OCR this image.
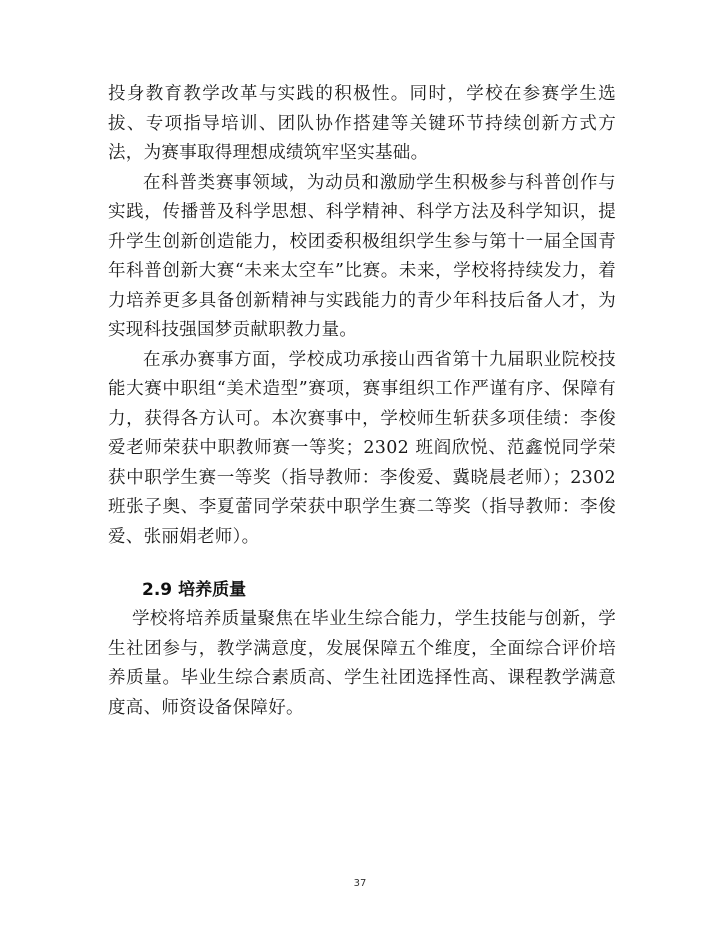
投身教育教学改革与实践的积极性。同时，学校在参赛学生选拔、专项指导培训、团队协作搭建等关键环节持续创新方式方法，为赛事取得理想成绩筑牢坚实基础。

在科普类赛事领域，为动员和激励学生积极参与科普创作与实践，传播普及科学思想、科学精神、科学方法及科学知识，提升学生创新创造能力，校团委积极组织学生参与第十一届全国青年科普创新大赛“未来太空车”比赛。未来，学校将持续发力，着力培养更多具备创新精神与实践能力的青少年科技后备人才，为实现科技强国梦贡献职教力量。

在承办赛事方面，学校成功承接山西省第十九届职业院校技能大赛中职组“美术造型”赛项，赛事组织工作严谨有序、保障有力，获得各方认可。本次赛事中，学校师生斩获多项佳绩：李俊爱老师荣获中职教师赛一等奖；2302 班阎欣悦、范鑫悦同学荣获中职学生赛一等奖（指导教师：李俊爱、冀晓晨老师）；2302 班张子奥、李夏蕾同学荣获中职学生赛二等奖（指导教师：李俊爱、张丽娟老师）。

2.9 培养质量

学校将培养质量聚焦在毕业生综合能力，学生技能与创新，学生社团参与，教学满意度，发展保障五个维度，全面综合评价培养质量。毕业生综合素质高、学生社团选择性高、课程教学满意度高、师资设备保障好。

37
